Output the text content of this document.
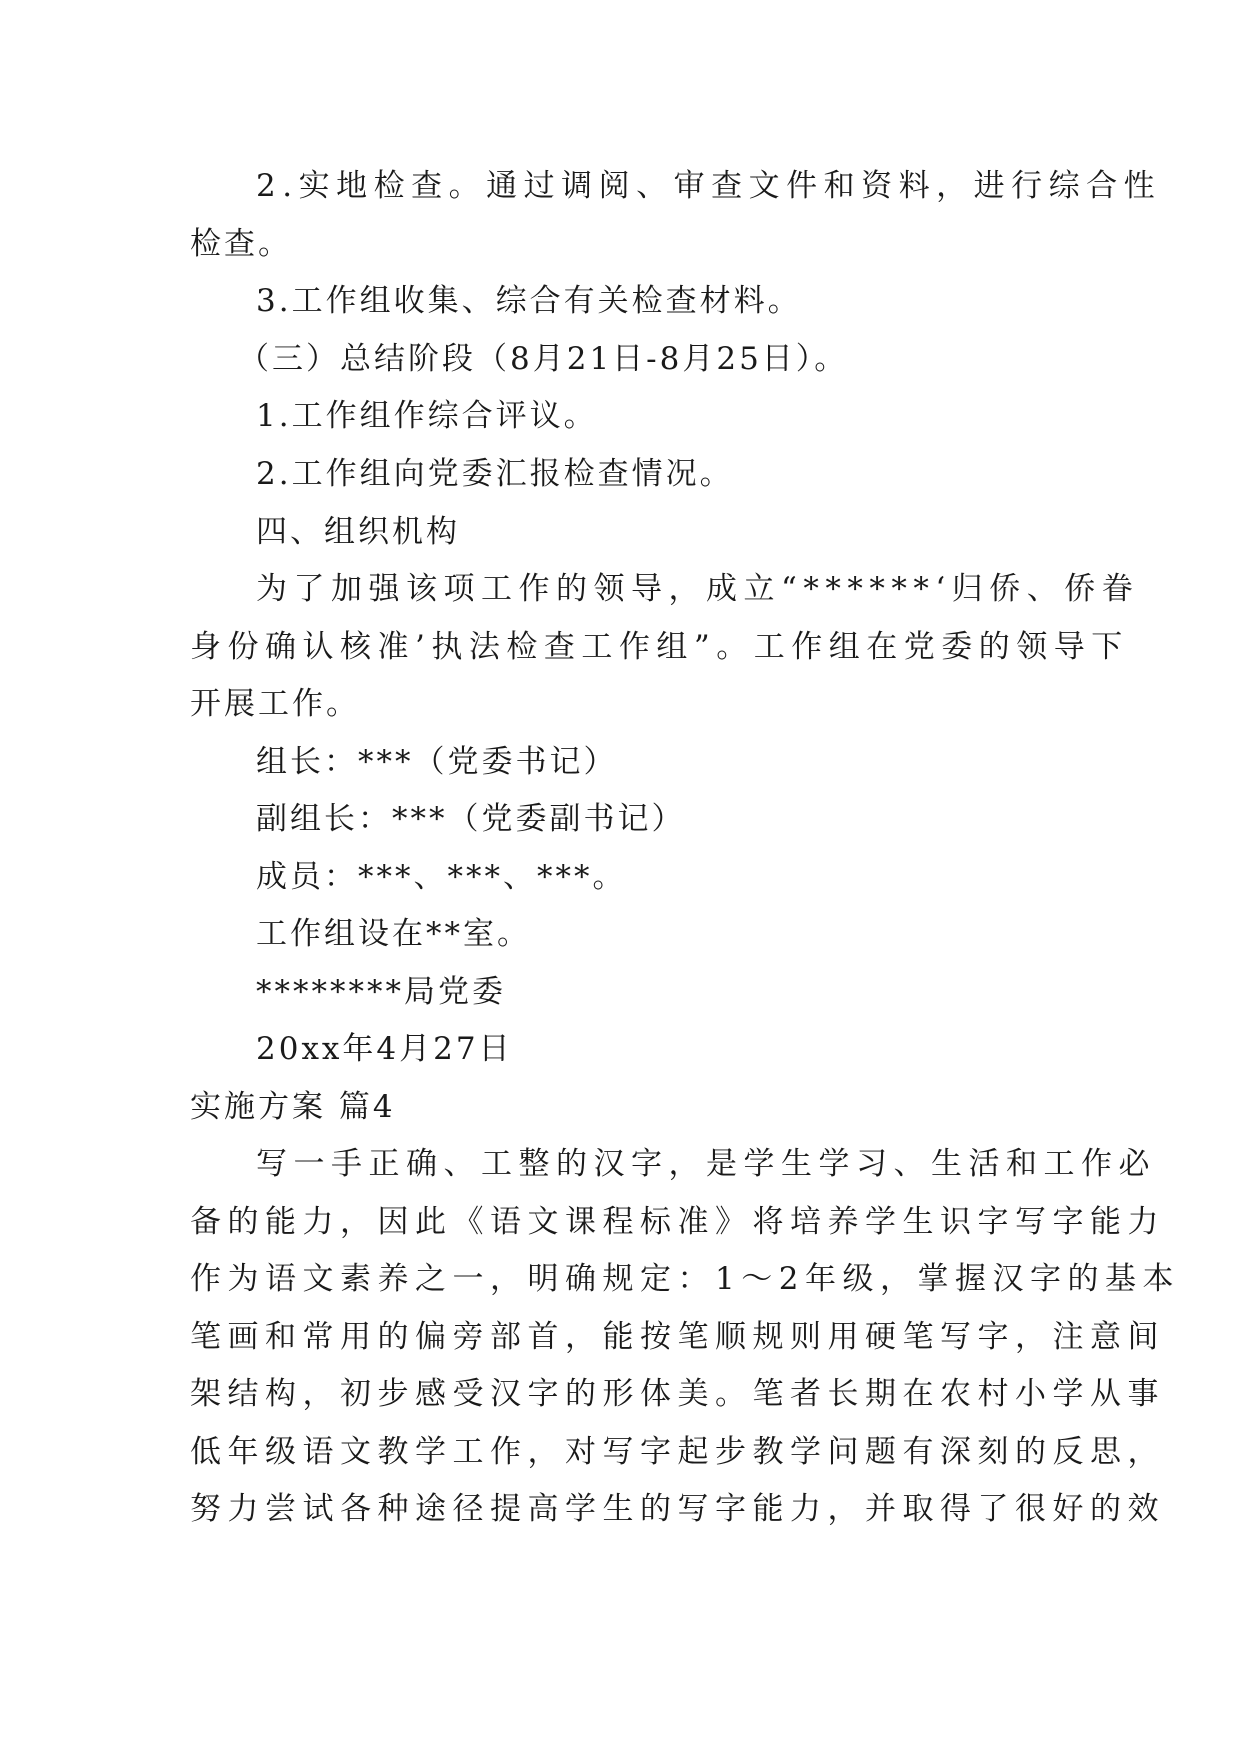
2.实地检查。通过调阅、审查文件和资料，进行综合性
检查。
3.工作组收集、综合有关检查材料。
（三）总结阶段（8月21日-8月25日）。
1.工作组作综合评议。
2.工作组向党委汇报检查情况。
四、组织机构
为了加强该项工作的领导，成立“******‘归侨、侨眷
身份确认核准’执法检查工作组”。工作组在党委的领导下
开展工作。
组长：***（党委书记）
副组长：***（党委副书记）
成员：***、***、***。
工作组设在**室。
********局党委
20xx年4月27日
实施方案 篇4
写一手正确、工整的汉字，是学生学习、生活和工作必
备的能力，因此《语文课程标准》将培养学生识字写字能力
作为语文素养之一，明确规定：1～2年级，掌握汉字的基本
笔画和常用的偏旁部首，能按笔顺规则用硬笔写字，注意间
架结构，初步感受汉字的形体美。笔者长期在农村小学从事
低年级语文教学工作，对写字起步教学问题有深刻的反思，
努力尝试各种途径提高学生的写字能力，并取得了很好的效
